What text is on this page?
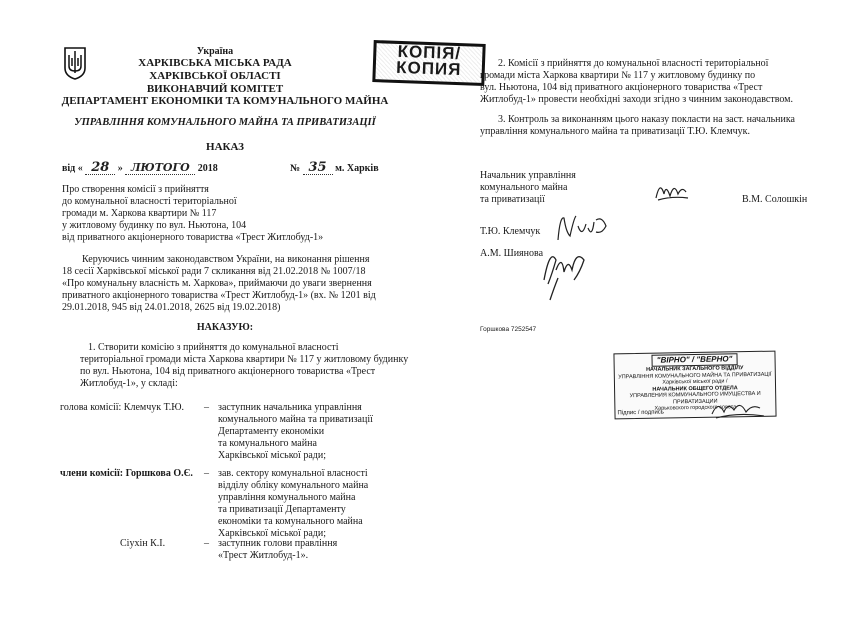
Україна
ХАРКІВСЬКА МІСЬКА РАДА
ХАРКІВСЬКОЇ ОБЛАСТІ
ВИКОНАВЧИЙ КОМІТЕТ
ДЕПАРТАМЕНТ ЕКОНОМІКИ ТА КОМУНАЛЬНОГО МАЙНА
УПРАВЛІННЯ КОМУНАЛЬНОГО МАЙНА ТА ПРИВАТИЗАЦІЇ
НАКАЗ
КОПІЯ/
КОПИЯ
від « 28 » ЛЮТОГО 2018	№ 35 м. Харків
Про створення комісії з прийняття
до комунальної власності територіальної
громади м. Харкова квартири № 117
у житловому будинку по вул. Ньютона, 104
від приватного акціонерного товариства «Трест Житлобуд-1»
Керуючись чинним законодавством України, на виконання рішення
18 сесії Харківської міської ради 7 скликання від 21.02.2018 № 1007/18
«Про комунальну власність м. Харкова», приймаючи до уваги звернення
приватного акціонерного товариства «Трест Житлобуд-1» (вх. № 1201 від
29.01.2018, 945 від 24.01.2018, 2625 від 19.02.2018)
НАКАЗУЮ:
1. Створити комісію з прийняття до комунальної власності
територіальної громади міста Харкова квартири № 117 у житловому будинку
по вул. Ньютона, 104 від приватного акціонерного товариства «Трест
Житлобуд-1», у складі:
голова комісії: Клемчук Т.Ю. – заступник начальника управління
комунального майна та приватизації
Департаменту економіки
та комунального майна
Харківської міської ради;
члени комісії: Горшкова О.Є. – зав. сектору комунальної власності
відділу обліку комунального майна
управління комунального майна
та приватизації Департаменту
економіки та комунального майна
Харківської міської ради;
Сіухін К.І.	– заступник голови правління
«Трест Житлобуд-1».
2. Комісії з прийняття до комунальної власності територіальної
громади міста Харкова квартири № 117 у житловому будинку по
вул. Ньютона, 104 від приватного акціонерного товариства «Трест
Житлобуд-1» провести необхідні заходи згідно з чинним законодавством.
3. Контроль за виконанням цього наказу покласти на заст. начальника
управління комунального майна та приватизації Т.Ю. Клемчук.
Начальник управління
комунального майна
та приватизації	В.М. Солошкін
Т.Ю. Клемчук
А.М. Шиянова
Горшкова 7252547
"ВІРНО" / "ВЕРНО"
НАЧАЛЬНИК ЗАГАЛЬНОГО ВІДДІЛУ
УПРАВЛІННЯ КОМУНАЛЬНОГО МАЙНА ТА ПРИВАТИЗАЦІЇ
Харківської міської ради /
НАЧАЛЬНИК ОБЩЕГО ОТДЕЛА
УПРАВЛЕНИЯ КОММУНАЛЬНОГО ИМУЩЕСТВА И ПРИВАТИЗАЦИИ
Харьковского городского совета
Підпис / подпись
